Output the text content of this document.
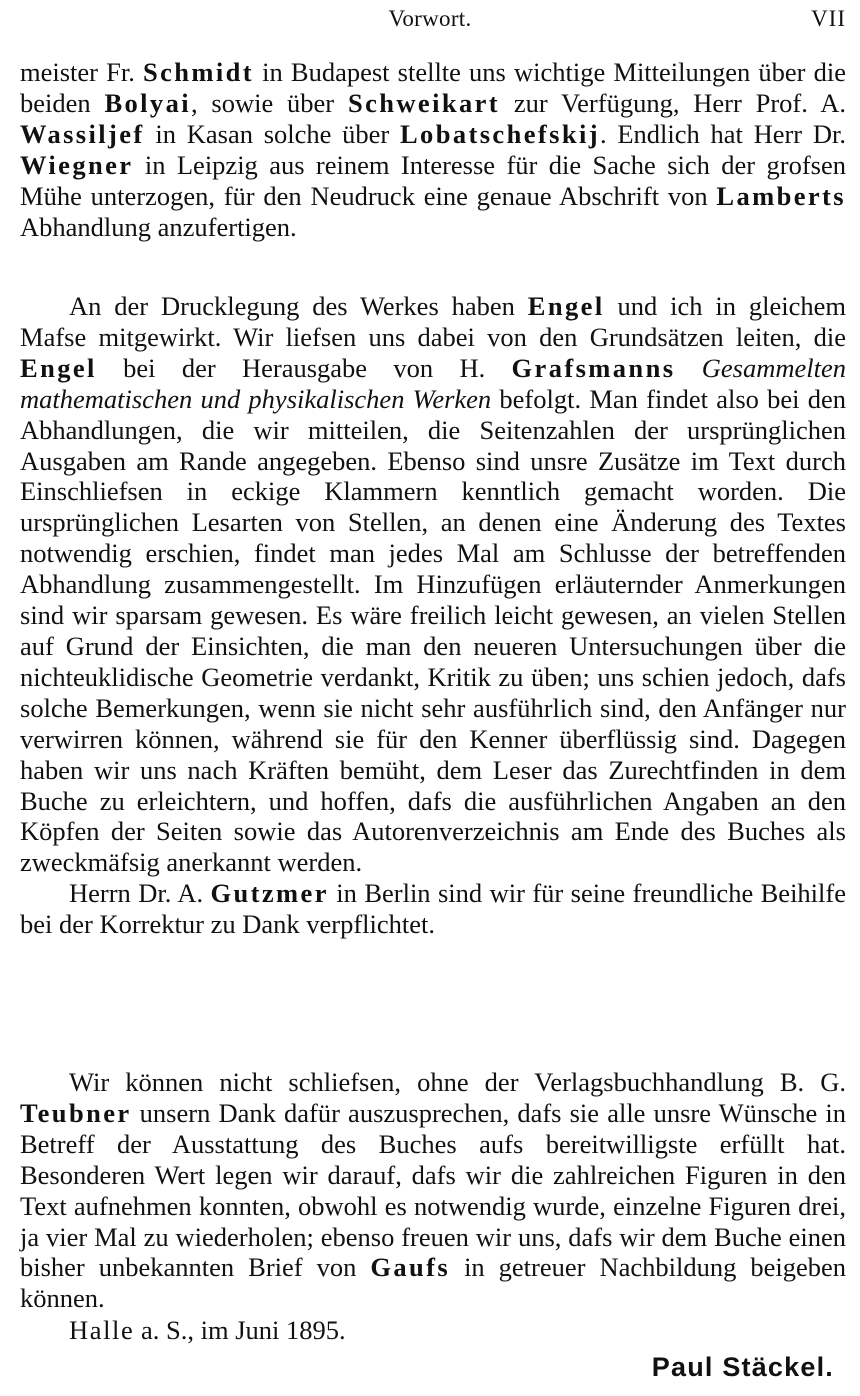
Vorwort.	VII

meister Fr. Schmidt in Budapest stellte uns wichtige Mitteilungen über die beiden Bolyai, sowie über Schweikart zur Verfügung, Herr Prof. A. Wassiljef in Kasan solche über Lobatschefskij. Endlich hat Herr Dr. Wiegner in Leipzig aus reinem Interesse für die Sache sich der grofsen Mühe unterzogen, für den Neudruck eine genaue Abschrift von Lamberts Abhandlung anzufertigen.

An der Drucklegung des Werkes haben Engel und ich in gleichem Mafse mitgewirkt. Wir liefsen uns dabei von den Grundsätzen leiten, die Engel bei der Herausgabe von H. Grafsmanns Gesammelten mathematischen und physikalischen Werken befolgt. Man findet also bei den Abhandlungen, die wir mitteilen, die Seitenzahlen der ursprünglichen Ausgaben am Rande angegeben. Ebenso sind unsre Zusätze im Text durch Einschliefsen in eckige Klammern kenntlich gemacht worden. Die ursprünglichen Lesarten von Stellen, an denen eine Änderung des Textes notwendig erschien, findet man jedes Mal am Schlusse der betreffenden Abhandlung zusammengestellt. Im Hinzufügen erläuternder Anmerkungen sind wir sparsam gewesen. Es wäre freilich leicht gewesen, an vielen Stellen auf Grund der Einsichten, die man den neueren Untersuchungen über die nichteuklidische Geometrie verdankt, Kritik zu üben; uns schien jedoch, dafs solche Bemerkungen, wenn sie nicht sehr ausführlich sind, den Anfänger nur verwirren können, während sie für den Kenner überflüssig sind. Dagegen haben wir uns nach Kräften bemüht, dem Leser das Zurechtfinden in dem Buche zu erleichtern, und hoffen, dafs die ausführlichen Angaben an den Köpfen der Seiten sowie das Autorenverzeichnis am Ende des Buches als zweckmäfsig anerkannt werden.

Herrn Dr. A. Gutzmer in Berlin sind wir für seine freundliche Beihilfe bei der Korrektur zu Dank verpflichtet.

Wir können nicht schliefsen, ohne der Verlagsbuchhandlung B. G. Teubner unsern Dank dafür auszusprechen, dafs sie alle unsre Wünsche in Betreff der Ausstattung des Buches aufs bereitwilligste erfüllt hat. Besonderen Wert legen wir darauf, dafs wir die zahlreichen Figuren in den Text aufnehmen konnten, obwohl es notwendig wurde, einzelne Figuren drei, ja vier Mal zu wiederholen; ebenso freuen wir uns, dafs wir dem Buche einen bisher unbekannten Brief von Gaufs in getreuer Nachbildung beigeben können.

Halle a. S., im Juni 1895.
Paul Stäckel.
